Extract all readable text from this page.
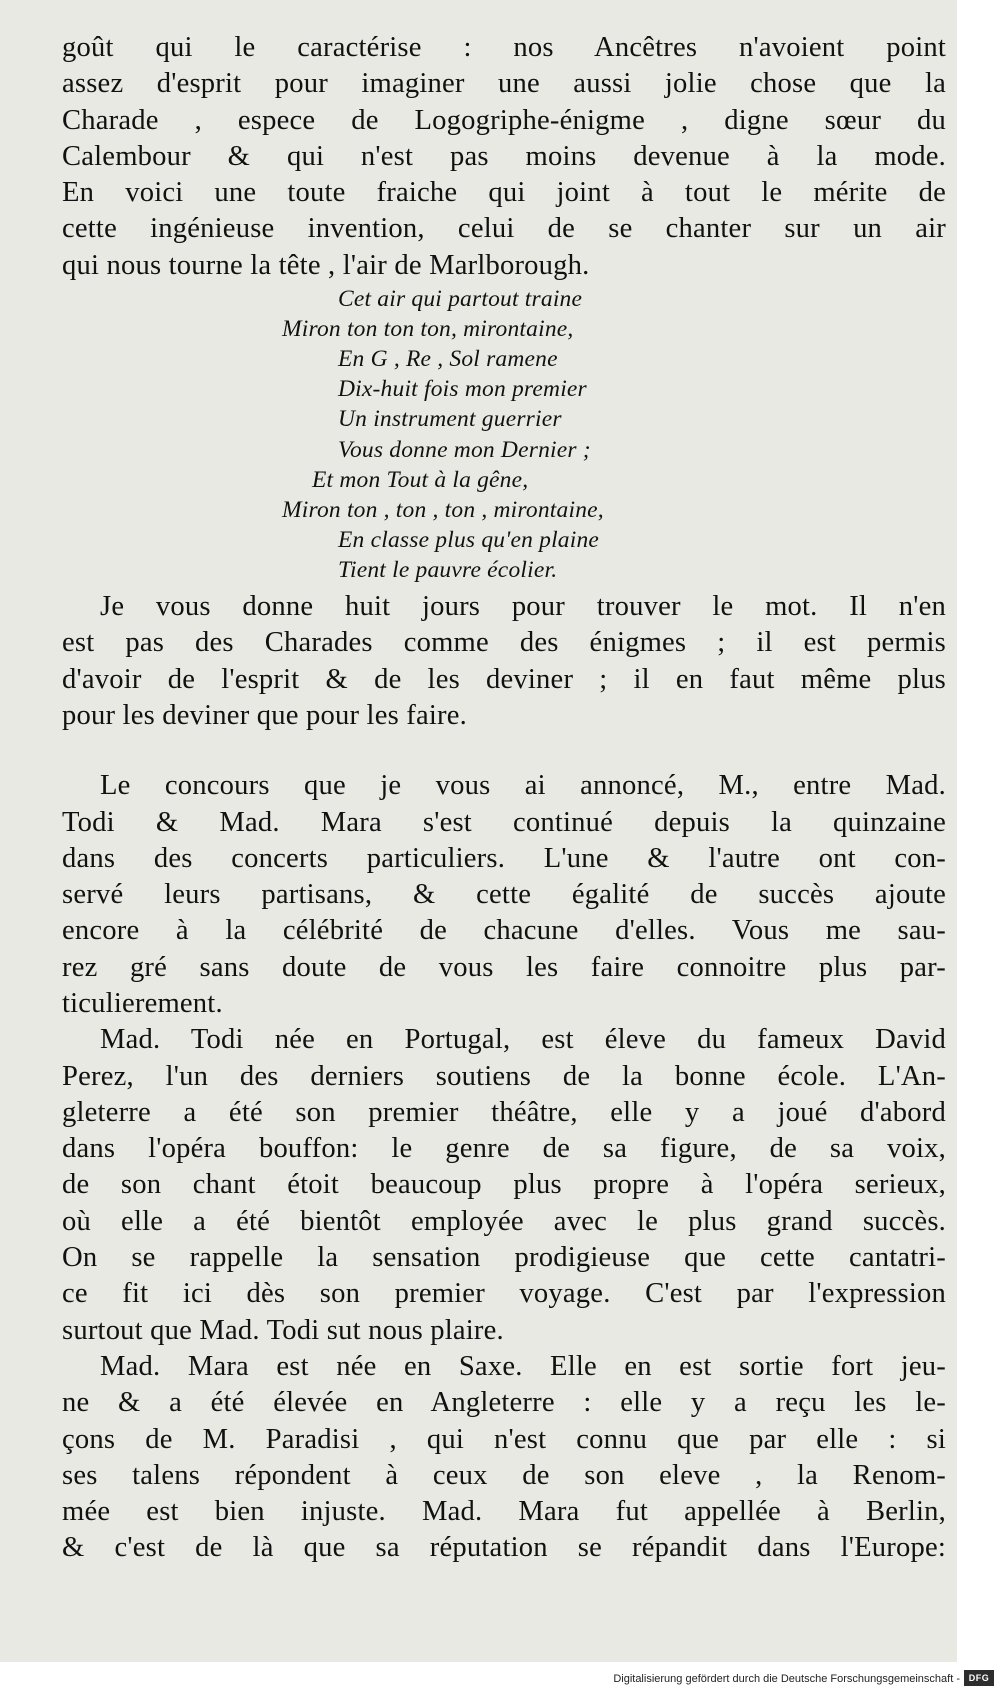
goût qui le caractérise : nos Ancêtres n'avoient point
assez d'esprit pour imaginer une aussi jolie chose que la
Charade , espece de Logogriphe-énigme , digne sœur du
Calembour & qui n'est pas moins devenue à la mode.
En voici une toute fraiche qui joint à tout le mérite de
cette ingénieuse invention, celui de se chanter sur un air
qui nous tourne la tête , l'air de Marlborough.
Cet air qui partout traine
Miron ton ton ton, mirontaine,
En G , Re , Sol ramene
Dix-huit fois mon premier
Un instrument guerrier
Vous donne mon Dernier ;
Et mon Tout à la gêne,
Miron ton , ton , ton , mirontaine,
En classe plus qu'en plaine
Tient le pauvre écolier.
Je vous donne huit jours pour trouver le mot. Il n'en
est pas des Charades comme des énigmes ; il est permis
d'avoir de l'esprit & de les deviner ; il en faut même plus
pour les deviner que pour les faire.
Le concours que je vous ai annoncé, M., entre Mad.
Todi & Mad. Mara s'est continué depuis la quinzaine
dans des concerts particuliers. L'une & l'autre ont con-
servé leurs partisans, & cette égalité de succès ajoute
encore à la célébrité de chacune d'elles. Vous me sau-
rez gré sans doute de vous les faire connoitre plus par-
ticulierement.
Mad. Todi née en Portugal, est éleve du fameux David
Perez, l'un des derniers soutiens de la bonne école. L'An-
gleterre a été son premier théâtre, elle y a joué d'abord
dans l'opéra bouffon: le genre de sa figure, de sa voix,
de son chant étoit beaucoup plus propre à l'opéra serieux,
où elle a été bientôt employée avec le plus grand succès.
On se rappelle la sensation prodigieuse que cette cantatri-
ce fit ici dès son premier voyage. C'est par l'expression
surtout que Mad. Todi sut nous plaire.
Mad. Mara est née en Saxe. Elle en est sortie fort jeu-
ne & a été élevée en Angleterre : elle y a reçu les le-
çons de M. Paradisi , qui n'est connu que par elle : si
ses talens répondent à ceux de son eleve , la Renom-
mée est bien injuste. Mad. Mara fut appellée à Berlin,
& c'est de là que sa réputation se répandit dans l'Europe:
Digitalisierung gefördert durch die Deutsche Forschungsgemeinschaft - DFG
